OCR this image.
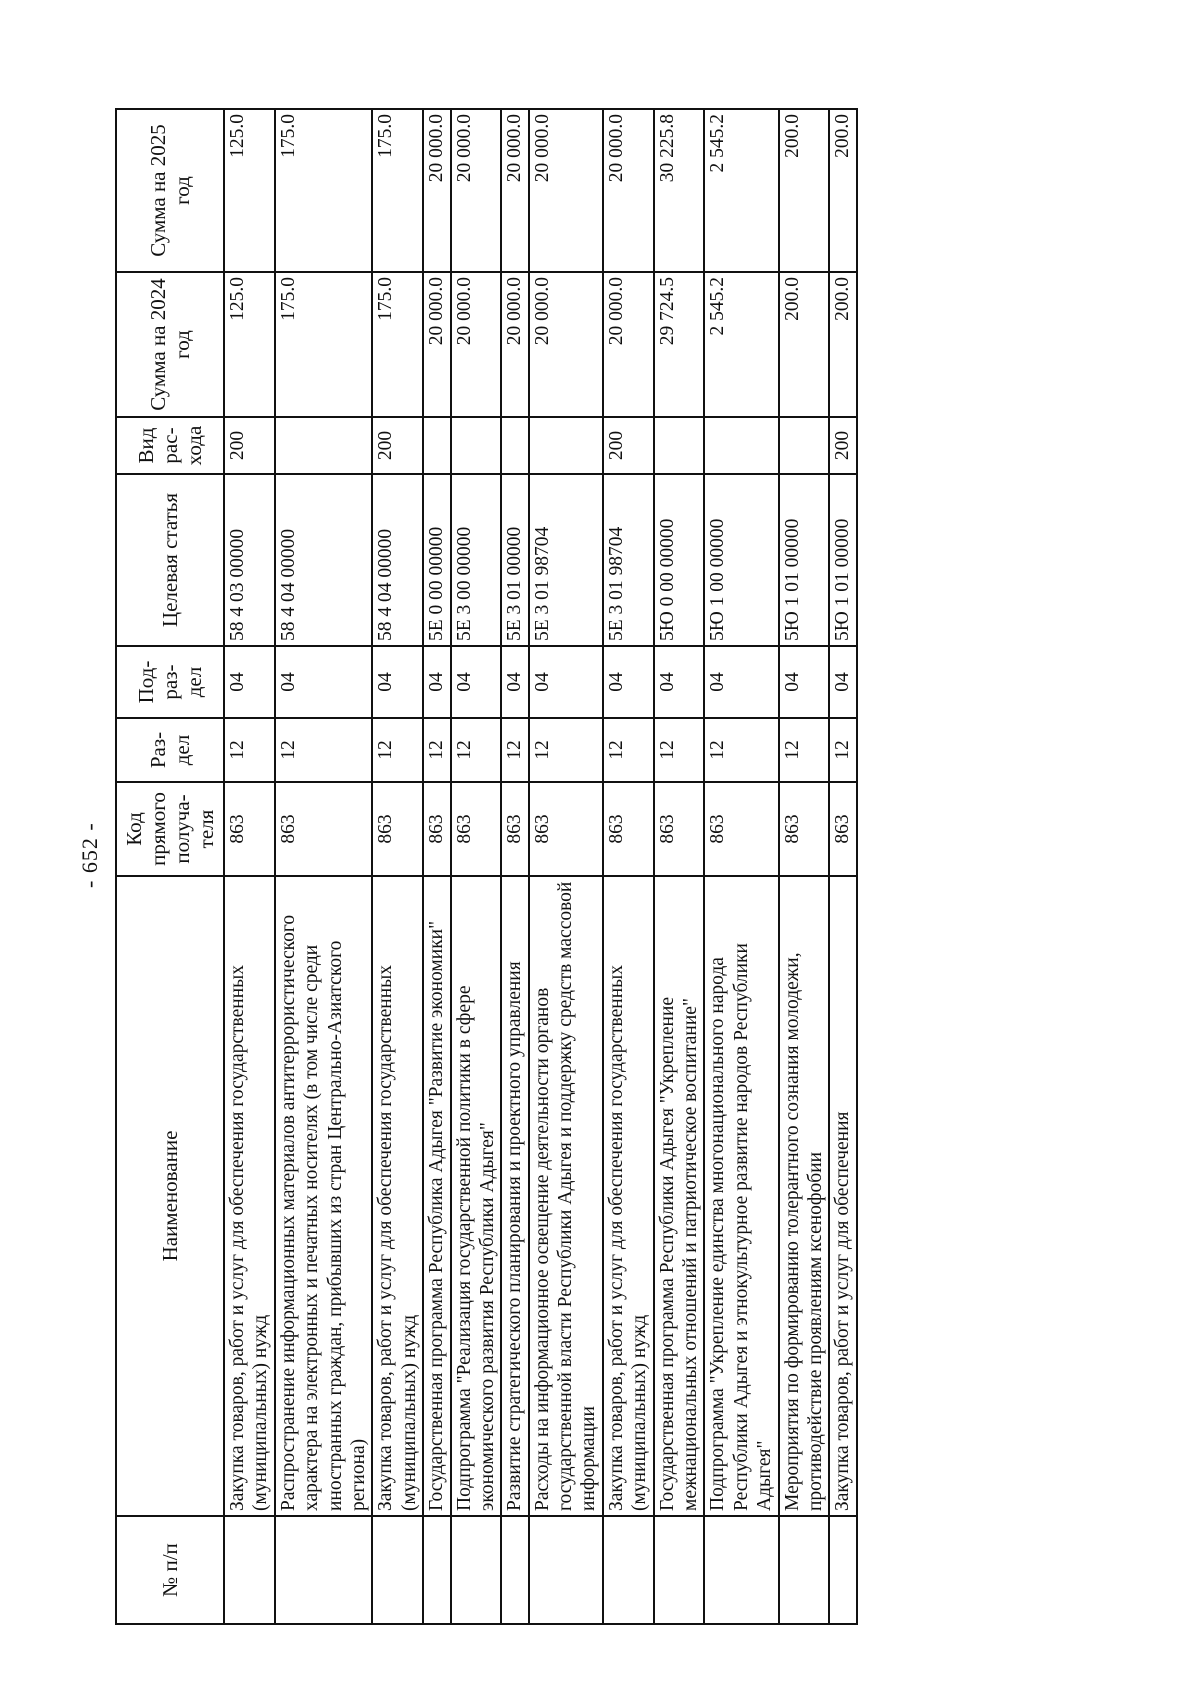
- 652 -
№ п/п	Наименование	Код прямого получа-теля	Раз-дел	Под-раз-дел	Целевая статья	Вид рас-хода	Сумма на 2024 год	Сумма на 2025 год
	Закупка товаров, работ и услуг для обеспечения государственных (муниципальных) нужд	863	12	04	58 4 03 00000	200	125.0	125.0
	Распространение информационных материалов антитеррористического характера на электронных и печатных носителях (в том числе среди иностранных граждан, прибывших из стран Центрально-Азиатского региона)	863	12	04	58 4 04 00000		175.0	175.0
	Закупка товаров, работ и услуг для обеспечения государственных (муниципальных) нужд	863	12	04	58 4 04 00000	200	175.0	175.0
	Государственная программа Республика Адыгея "Развитие экономики"	863	12	04	5Е 0 00 00000		20 000.0	20 000.0
	Подпрограмма "Реализация государственной политики в сфере экономического развития Республики Адыгея"	863	12	04	5Е 3 00 00000		20 000.0	20 000.0
	Развитие стратегического планирования и проектного управления	863	12	04	5Е 3 01 00000		20 000.0	20 000.0
	Расходы на информационное освещение деятельности органов государственной власти Республики Адыгея и поддержку средств массовой информации	863	12	04	5Е 3 01 98704		20 000.0	20 000.0
	Закупка товаров, работ и услуг для обеспечения государственных (муниципальных) нужд	863	12	04	5Е 3 01 98704	200	20 000.0	20 000.0
	Государственная программа Республики Адыгея "Укрепление межнациональных отношений и патриотическое воспитание"	863	12	04	5Ю 0 00 00000		29 724.5	30 225.8
	Подпрограмма "Укрепление единства многонационального народа Республики Адыгея и этнокультурное развитие народов Республики Адыгея"	863	12	04	5Ю 1 00 00000		2 545.2	2 545.2
	Мероприятия по формированию толерантного сознания молодежи, противодействие проявлениям ксенофобии	863	12	04	5Ю 1 01 00000		200.0	200.0
	Закупка товаров, работ и услуг для обеспечения	863	12	04	5Ю 1 01 00000	200	200.0	200.0
